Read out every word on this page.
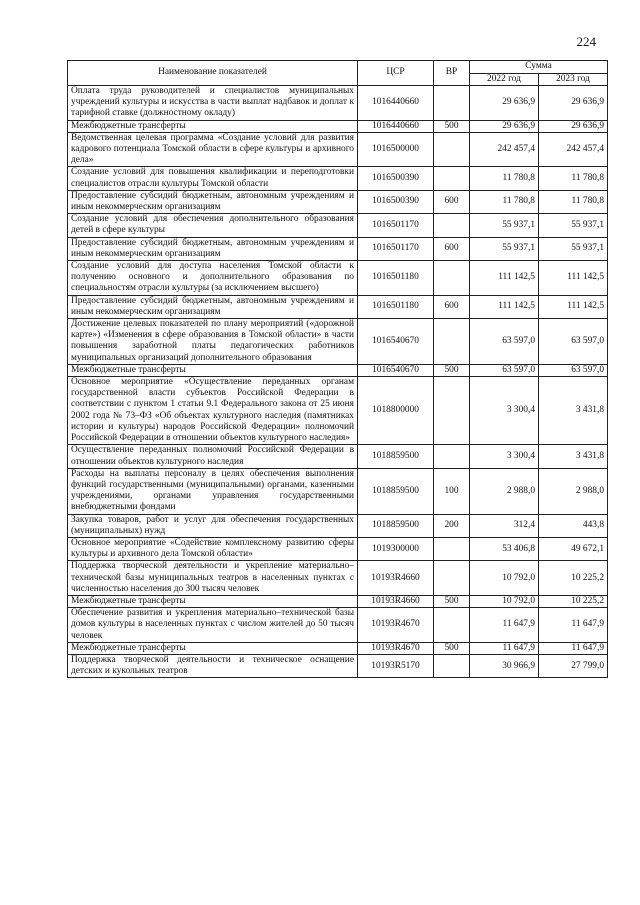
224
Наименование показателей	ЦСР	ВР	Сумма	
			2022 год	2023 год
Оплата труда руководителей и специалистов муниципальных учреждений культуры и искусства в части выплат надбавок и доплат к тарифной ставке (должностному окладу)	1016440660		29 636,9	29 636,9
Межбюджетные трансферты	1016440660	500	29 636,9	29 636,9
Ведомственная целевая программа «Создание условий для развития кадрового потенциала Томской области в сфере культуры и архивного дела»	1016500000		242 457,4	242 457,4
Создание условий для повышения квалификации и переподготовки специалистов отрасли культуры Томской области	1016500390		11 780,8	11 780,8
Предоставление субсидий бюджетным, автономным учреждениям и иным некоммерческим организациям	1016500390	600	11 780,8	11 780,8
Создание условий для обеспечения дополнительного образования детей в сфере культуры	1016501170		55 937,1	55 937,1
Предоставление субсидий бюджетным, автономным учреждениям и иным некоммерческим организациям	1016501170	600	55 937,1	55 937,1
Создание условий для доступа населения Томской области к получению основного и дополнительного образования по специальностям отрасли культуры (за исключением высшего)	1016501180		111 142,5	111 142,5
Предоставление субсидий бюджетным, автономным учреждениям и иным некоммерческим организациям	1016501180	600	111 142,5	111 142,5
Достижение целевых показателей по плану мероприятий («дорожной карте») «Изменения в сфере образования в Томской области» в части повышения заработной платы педагогических работников муниципальных организаций дополнительного образования	1016540670		63 597,0	63 597,0
Межбюджетные трансферты	1016540670	500	63 597,0	63 597,0
Основное мероприятие «Осуществление переданных органам государственной власти субъектов Российской Федерации в соответствии с пунктом 1 статьи 9.1 Федерального закона от 25 июня 2002 года № 73–ФЗ «Об объектах культурного наследия (памятниках истории и культуры) народов Российской Федерации» полномочий Российской Федерации в отношении объектов культурного наследия»	1018800000		3 300,4	3 431,8
Осуществление переданных полномочий Российской Федерации в отношении объектов культурного наследия	1018859500		3 300,4	3 431,8
Расходы на выплаты персоналу в целях обеспечения выполнения функций государственными (муниципальными) органами, казенными учреждениями, органами управления государственными внебюджетными фондами	1018859500	100	2 988,0	2 988,0
Закупка товаров, работ и услуг для обеспечения государственных (муниципальных) нужд	1018859500	200	312,4	443,8
Основное мероприятие «Содействие комплексному развитию сферы культуры и архивного дела Томской области»	1019300000		53 406,8	49 672,1
Поддержка творческой деятельности и укрепление материально–технической базы муниципальных театров в населенных пунктах с численностью населения до 300 тысяч человек	10193R4660		10 792,0	10 225,2
Межбюджетные трансферты	10193R4660	500	10 792,0	10 225,2
Обеспечение развития и укрепления материально–технической базы домов культуры в населенных пунктах с числом жителей до 50 тысяч человек	10193R4670		11 647,9	11 647,9
Межбюджетные трансферты	10193R4670	500	11 647,9	11 647,9
Поддержка творческой деятельности и техническое оснащение детских и кукольных театров	10193R5170		30 966,9	27 799,0
